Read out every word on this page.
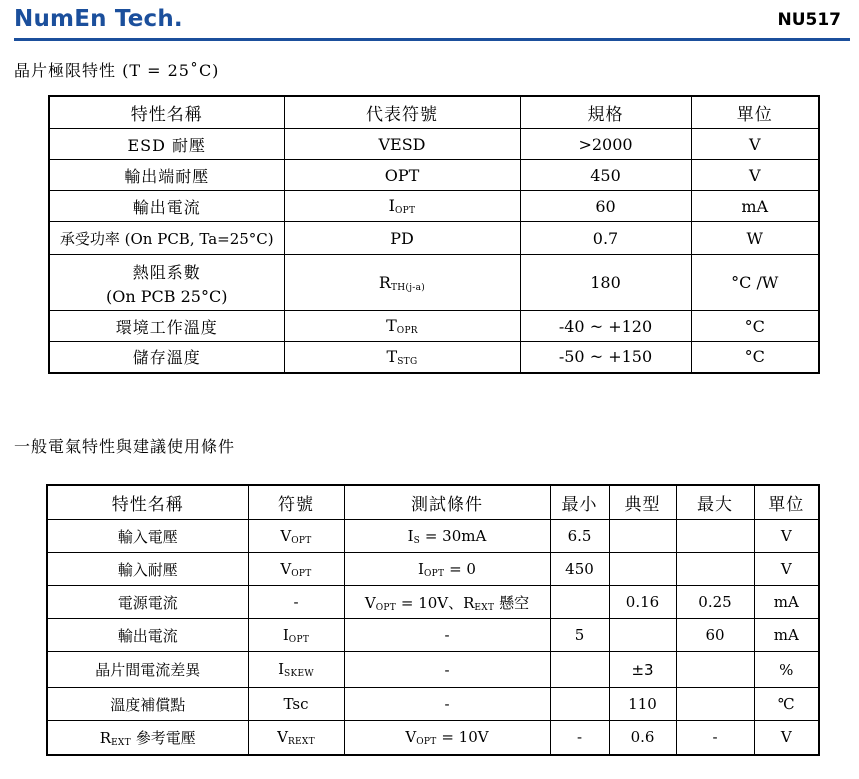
NumEn Tech.	NU517
晶片極限特性 (T = 25˚C)
特性名稱	代表符號	規格	單位
ESD 耐壓	VESD	>2000	V
輸出端耐壓	OPT	450	V
輸出電流	$I_{OPT}$	60	mA
承受功率 (On PCB, Ta=25°C)	PD	0.7	W

熱阻系數
(On PCB 25°C)	$R_{TH(j-a)}$	180	°C /W
環境工作溫度	$T_{OPR}$	-40 ~ +120	°C
儲存溫度	$T_{STG}$	-50 ~ +150	°C
一般電氣特性與建議使用條件
特性名稱	符號	測試條件	最小	典型	最大	單位
輸入電壓	$V_{OPT}$	$I_S = 30mA$	6.5			V
輸入耐壓	$V_{OPT}$	$I_{OPT} = 0$	450			V
電源電流	-	$V_{OPT} = 10V$、$R_{EXT}$ 懸空		0.16	0.25	mA
輸出電流	$I_{OPT}$	-	5		60	mA
晶片間電流差異	$I_{SKEW}$	-		±3		%
溫度補償點	Tsc	-		110		℃
$R_{EXT}$ 參考電壓	$V_{REXT}$	$V_{OPT} = 10V$	-	0.6	-	V
